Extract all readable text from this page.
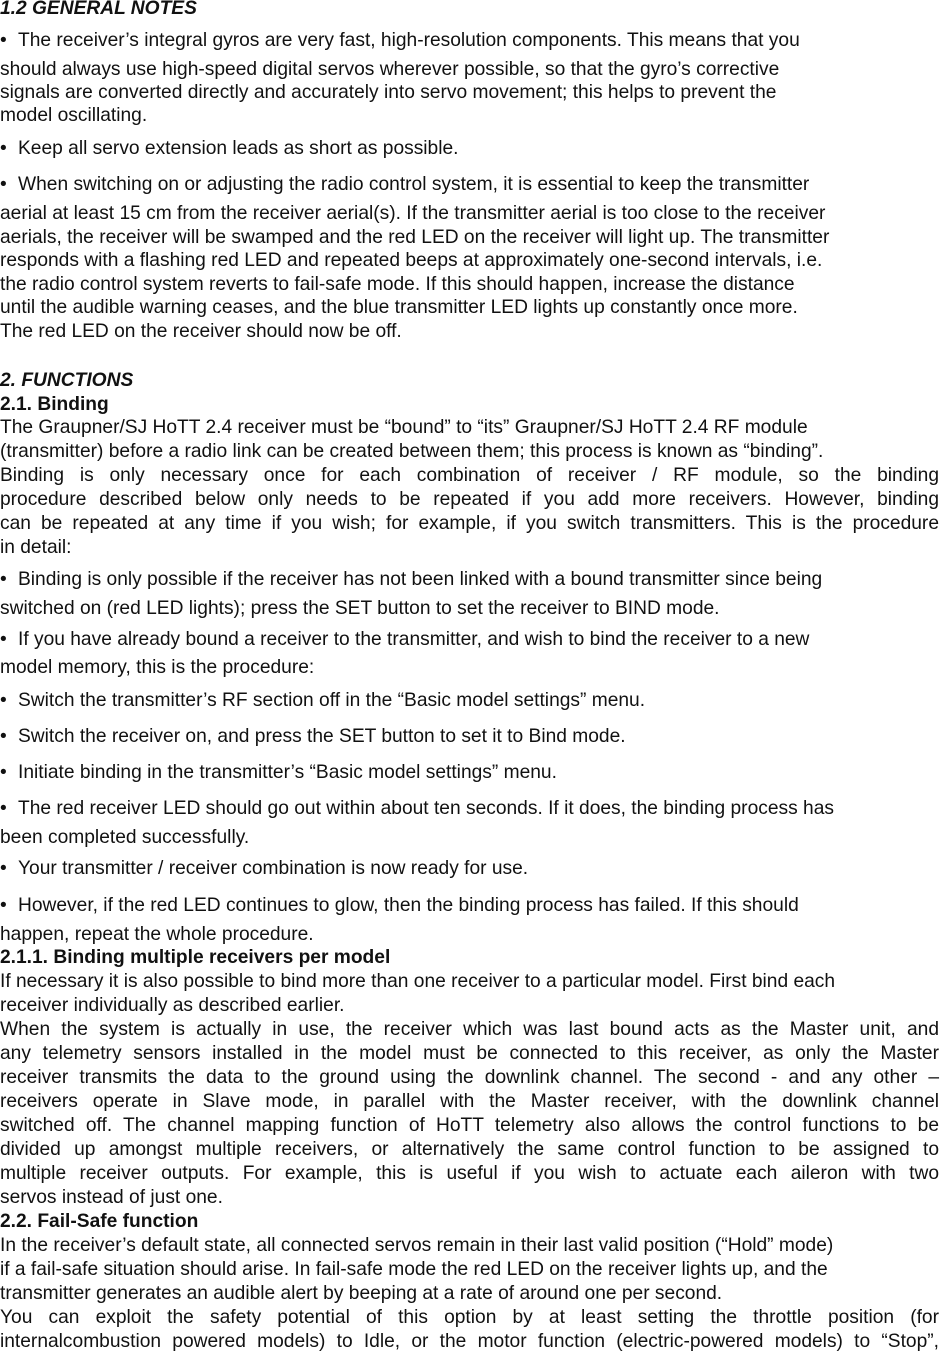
1.2 GENERAL NOTES
• The receiver’s integral gyros are very fast, high-resolution components. This means that you
should always use high-speed digital servos wherever possible, so that the gyro’s corrective
signals are converted directly and accurately into servo movement; this helps to prevent the
model oscillating.
• Keep all servo extension leads as short as possible.
• When switching on or adjusting the radio control system, it is essential to keep the transmitter
aerial at least 15 cm from the receiver aerial(s). If the transmitter aerial is too close to the receiver
aerials, the receiver will be swamped and the red LED on the receiver will light up. The transmitter
responds with a flashing red LED and repeated beeps at approximately one-second intervals, i.e.
the radio control system reverts to fail-safe mode. If this should happen, increase the distance
until the audible warning ceases, and the blue transmitter LED lights up constantly once more.
The red LED on the receiver should now be off.
2. FUNCTIONS
2.1. Binding
The Graupner/SJ HoTT 2.4 receiver must be “bound” to “its” Graupner/SJ HoTT 2.4 RF module
(transmitter) before a radio link can be created between them; this process is known as “binding”.
Binding is only necessary once for each combination of receiver / RF module, so the binding
procedure described below only needs to be repeated if you add more receivers. However, binding
can be repeated at any time if you wish; for example, if you switch transmitters. This is the procedure
in detail:
• Binding is only possible if the receiver has not been linked with a bound transmitter since being
switched on (red LED lights); press the SET button to set the receiver to BIND mode.
• If you have already bound a receiver to the transmitter, and wish to bind the receiver to a new
model memory, this is the procedure:
• Switch the transmitter’s RF section off in the “Basic model settings” menu.
• Switch the receiver on, and press the SET button to set it to Bind mode.
• Initiate binding in the transmitter’s “Basic model settings” menu.
• The red receiver LED should go out within about ten seconds. If it does, the binding process has
been completed successfully.
• Your transmitter / receiver combination is now ready for use.
• However, if the red LED continues to glow, then the binding process has failed. If this should
happen, repeat the whole procedure.
2.1.1. Binding multiple receivers per model
If necessary it is also possible to bind more than one receiver to a particular model. First bind each
receiver individually as described earlier.
When the system is actually in use, the receiver which was last bound acts as the Master unit, and
any telemetry sensors installed in the model must be connected to this receiver, as only the Master
receiver transmits the data to the ground using the downlink channel. The second - and any other –
receivers operate in Slave mode, in parallel with the Master receiver, with the downlink channel
switched off. The channel mapping function of HoTT telemetry also allows the control functions to be
divided up amongst multiple receivers, or alternatively the same control function to be assigned to
multiple receiver outputs. For example, this is useful if you wish to actuate each aileron with two
servos instead of just one.
2.2. Fail-Safe function
In the receiver’s default state, all connected servos remain in their last valid position (“Hold” mode)
if a fail-safe situation should arise. In fail-safe mode the red LED on the receiver lights up, and the
transmitter generates an audible alert by beeping at a rate of around one per second.
You can exploit the safety potential of this option by at least setting the throttle position (for
internalcombustion powered models) to Idle, or the motor function (electric-powered models) to “Stop”,
